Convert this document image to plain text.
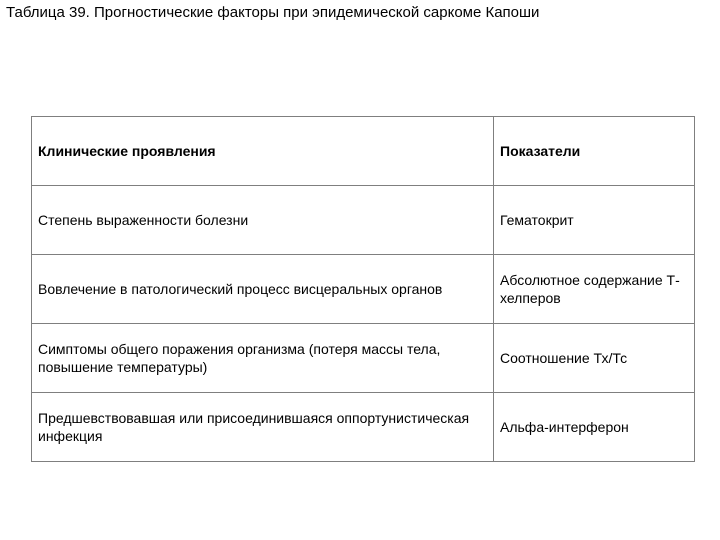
Таблица 39. Прогностические факторы при эпидемической саркоме Капоши
Клинические проявления	Показатели
Степень выраженности болезни	Гематокрит
Вовлечение в патологический процесс висцеральных органов	Абсолютное содержание Т-хелперов
Симптомы общего поражения организма (потеря массы тела, повышение температуры)	Соотношение Тх/Тс
Предшевствовавшая или присоединившаяся оппортунистическая инфекция	Альфа-интерферон
